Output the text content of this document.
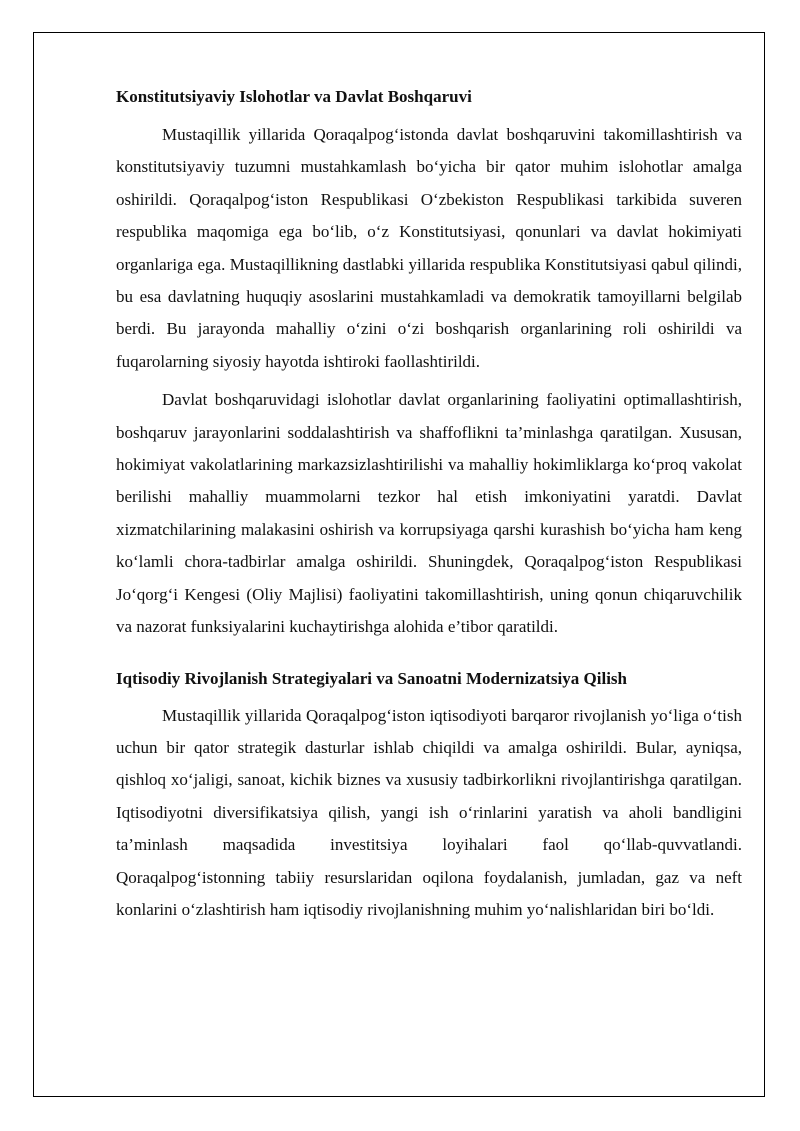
Konstitutsiyaviy Islohotlar va Davlat Boshqaruvi

Mustaqillik yillarida Qoraqalpog‘istonda davlat boshqaruvini takomillashtirish va konstitutsiyaviy tuzumni mustahkamlash bo‘yicha bir qator muhim islohotlar amalga oshirildi. Qoraqalpog‘iston Respublikasi O‘zbekiston Respublikasi tarkibida suveren respublika maqomiga ega bo‘lib, o‘z Konstitutsiyasi, qonunlari va davlat hokimiyati organlariga ega. Mustaqillikning dastlabki yillarida respublika Konstitutsiyasi qabul qilindi, bu esa davlatning huquqiy asoslarini mustahkamladi va demokratik tamoyillarni belgilab berdi. Bu jarayonda mahalliy o‘zini o‘zi boshqarish organlarining roli oshirildi va fuqarolarning siyosiy hayotda ishtiroki faollashtirildi.

Davlat boshqaruvidagi islohotlar davlat organlarining faoliyatini optimallashtirish, boshqaruv jarayonlarini soddalashtirish va shaffoflikni ta’minlashga qaratilgan. Xususan, hokimiyat vakolatlarining markazsizlashtirilishi va mahalliy hokimliklarga ko‘proq vakolat berilishi mahalliy muammolarni tezkor hal etish imkoniyatini yaratdi. Davlat xizmatchilarining malakasini oshirish va korrupsiyaga qarshi kurashish bo‘yicha ham keng ko‘lamli chora-tadbirlar amalga oshirildi. Shuningdek, Qoraqalpog‘iston Respublikasi Jo‘qorg‘i Kengesi (Oliy Majlisi) faoliyatini takomillashtirish, uning qonun chiqaruvchilik va nazorat funksiyalarini kuchaytirishga alohida e’tibor qaratildi.

Iqtisodiy Rivojlanish Strategiyalari va Sanoatni Modernizatsiya Qilish

Mustaqillik yillarida Qoraqalpog‘iston iqtisodiyoti barqaror rivojlanish yo‘liga o‘tish uchun bir qator strategik dasturlar ishlab chiqildi va amalga oshirildi. Bular, ayniqsa, qishloq xo‘jaligi, sanoat, kichik biznes va xususiy tadbirkorlikni rivojlantirishga qaratilgan. Iqtisodiyotni diversifikatsiya qilish, yangi ish o‘rinlarini yaratish va aholi bandligini ta’minlash maqsadida investitsiya loyihalari faol qo‘llab-quvvatlandi. Qoraqalpog‘istonning tabiiy resurslaridan oqilona foydalanish, jumladan, gaz va neft konlarini o‘zlashtirish ham iqtisodiy rivojlanishning muhim yo‘nalishlaridan biri bo‘ldi.
